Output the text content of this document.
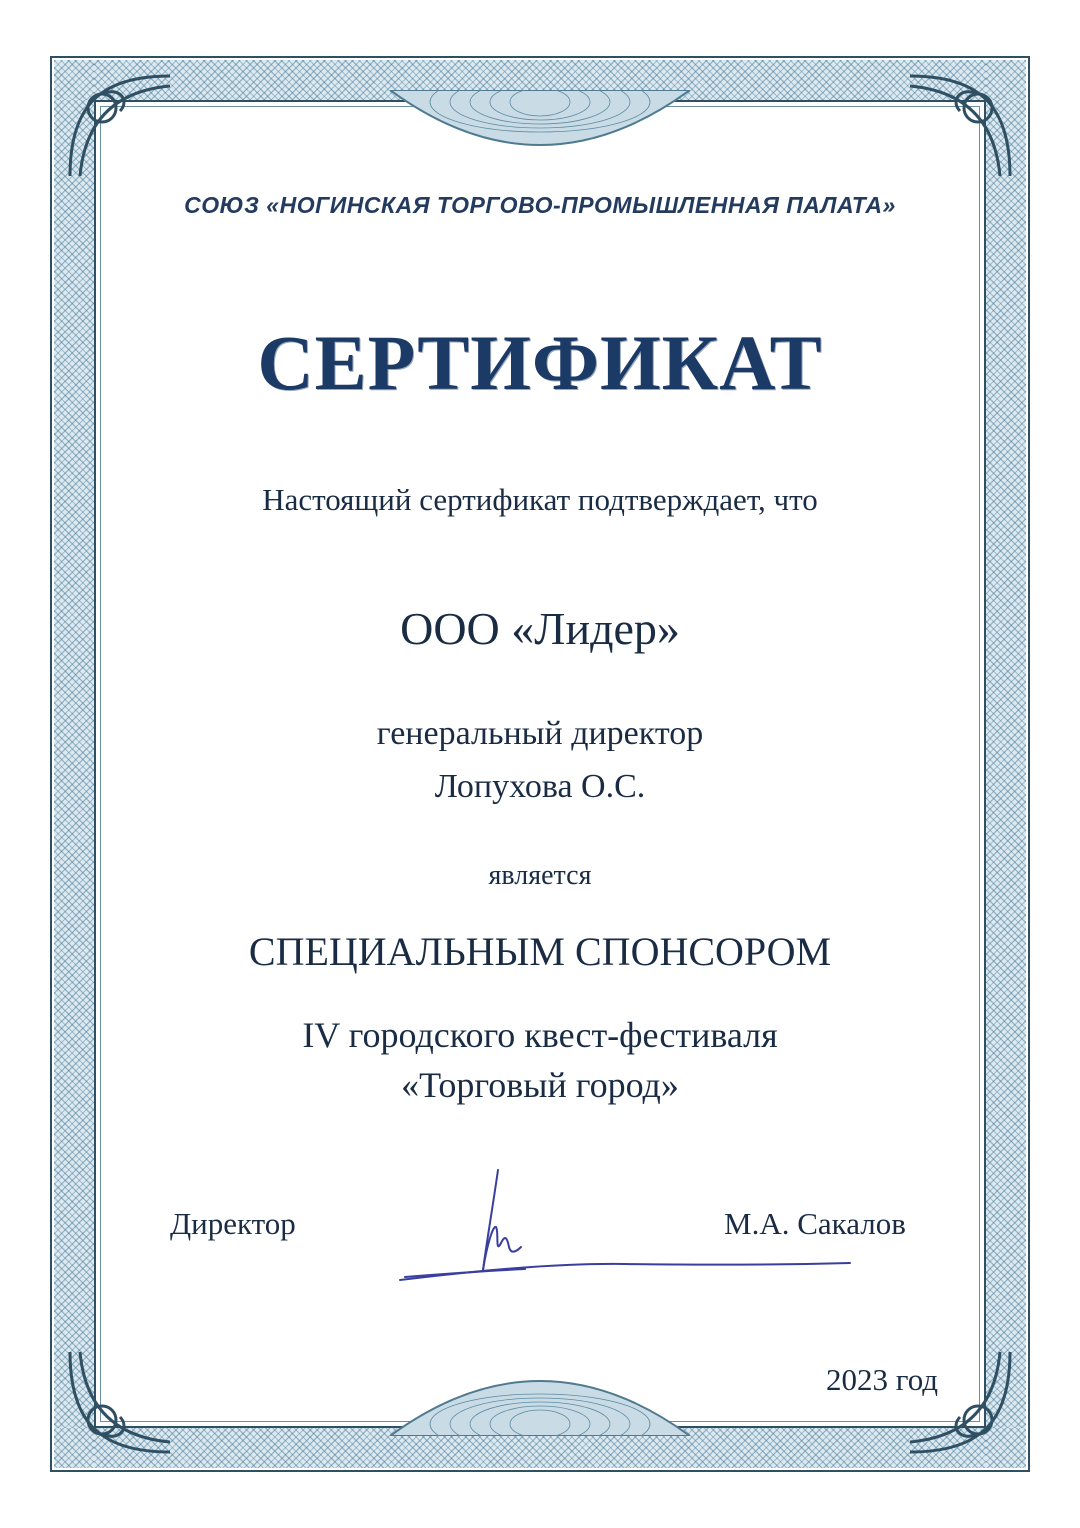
СОЮЗ «НОГИНСКАЯ ТОРГОВО-ПРОМЫШЛЕННАЯ ПАЛАТА»
СЕРТИФИКАТ
Настоящий сертификат подтверждает, что
ООО «Лидер»
генеральный директор
Лопухова О.С.
является
СПЕЦИАЛЬНЫМ СПОНСОРОМ
IV городского квест-фестиваля
«Торговый город»
Директор	М.А. Сакалов
2023 год
